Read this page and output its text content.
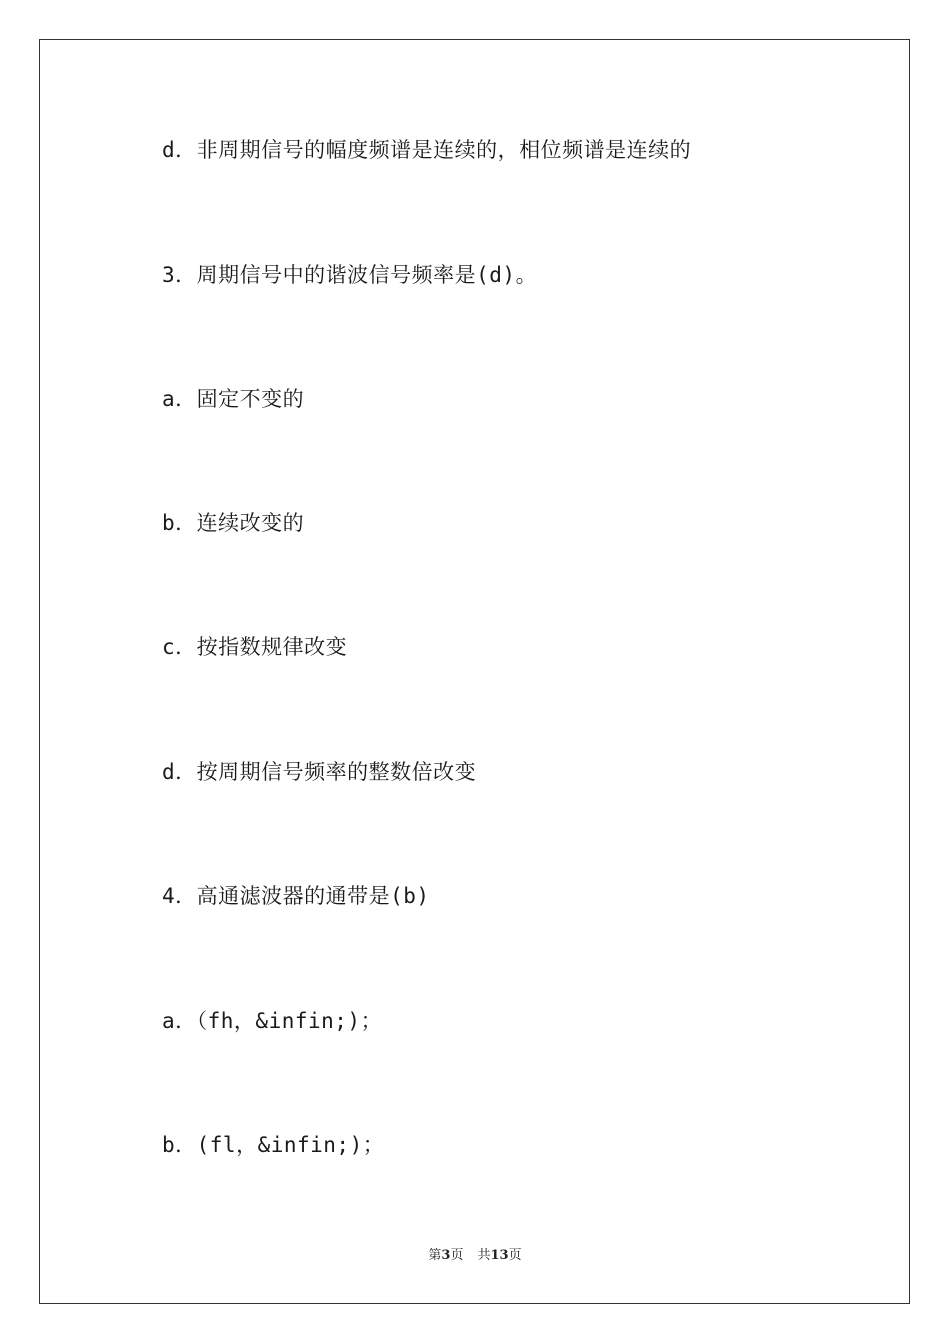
d．非周期信号的幅度频谱是连续的，相位频谱是连续的
3．周期信号中的谐波信号频率是(d)。
a．固定不变的
b．连续改变的
c．按指数规律改变
d．按周期信号频率的整数倍改变
4．高通滤波器的通带是(b)
a．（fh，&infin;)；
b．(fl，&infin;)；
第3页 共13页
